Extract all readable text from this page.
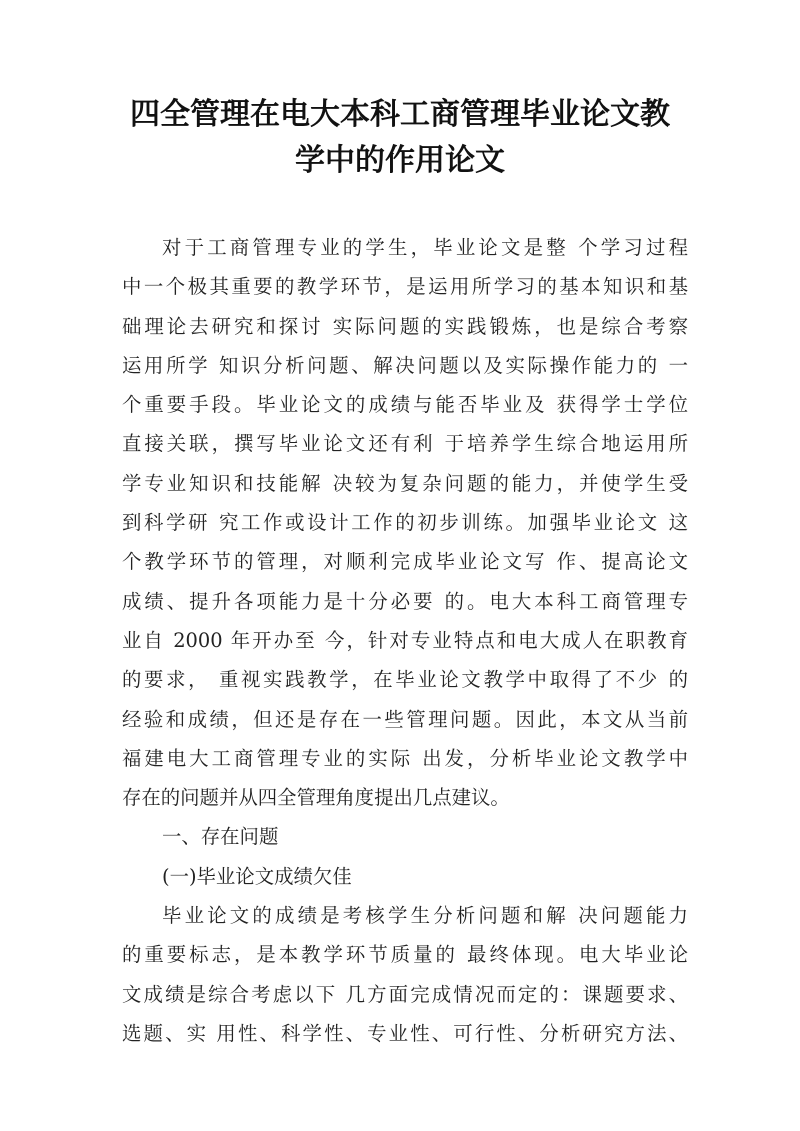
四全管理在电大本科工商管理毕业论文教
学中的作用论文
对于工商管理专业的学生，毕业论文是整 个学习过程
中一个极其重要的教学环节，是运用所学习的基本知识和基
础理论去研究和探讨 实际问题的实践锻炼，也是综合考察
运用所学 知识分析问题、解决问题以及实际操作能力的 一
个重要手段。毕业论文的成绩与能否毕业及 获得学士学位
直接关联，撰写毕业论文还有利 于培养学生综合地运用所
学专业知识和技能解 决较为复杂问题的能力，并使学生受
到科学研 究工作或设计工作的初步训练。加强毕业论文 这
个教学环节的管理，对顺利完成毕业论文写 作、提高论文
成绩、提升各项能力是十分必要 的。电大本科工商管理专
业自 2000 年开办至 今，针对专业特点和电大成人在职教育
的要求， 重视实践教学，在毕业论文教学中取得了不少 的
经验和成绩，但还是存在一些管理问题。因此，本文从当前
福建电大工商管理专业的实际 出发，分析毕业论文教学中
存在的问题并从四全管理角度提出几点建议。
一、存在问题
(一)毕业论文成绩欠佳
毕业论文的成绩是考核学生分析问题和解 决问题能力
的重要标志，是本教学环节质量的 最终体现。电大毕业论
文成绩是综合考虑以下 几方面完成情况而定的：课题要求、
选题、实 用性、科学性、专业性、可行性、分析研究方法、
